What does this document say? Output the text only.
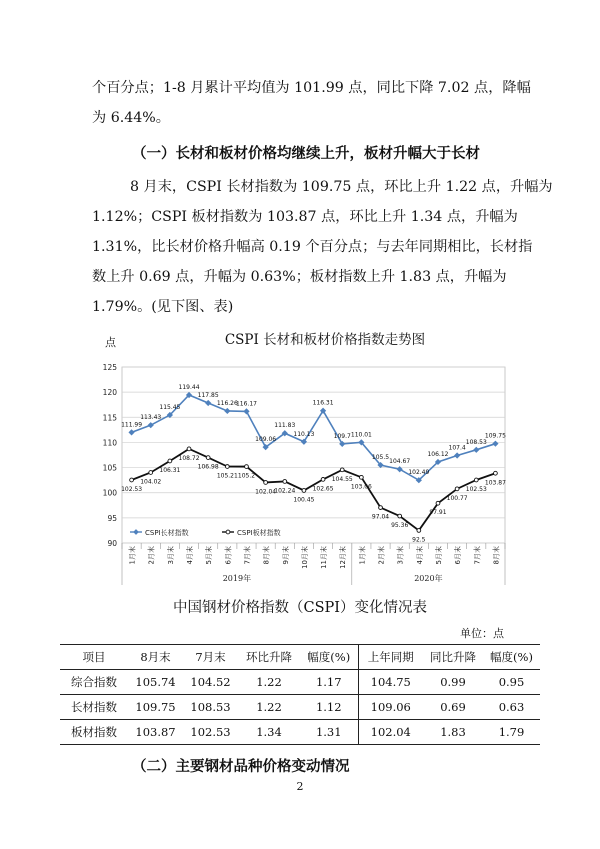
个百分点；1-8 月累计平均值为 101.99 点，同比下降 7.02 点，降幅
为 6.44%。
（一）长材和板材价格均继续上升，板材升幅大于长材
8 月末，CSPI 长材指数为 109.75 点，环比上升 1.22 点，升幅为
1.12%；CSPI 板材指数为 103.87 点，环比上升 1.34 点，升幅为
1.31%，比长材价格升幅高 0.19 个百分点；与去年同期相比，长材指
数上升 0.69 点，升幅为 0.63%；板材指数上升 1.83 点，升幅为
1.79%。(见下图、表)
CSPI 长材和板材价格指数走势图
点
90
95
100
105
110
115
120
125
1月末 2月末 3月末 4月末 5月末 6月末 7月末 8月末 9月末 10月末 11月末 12月末 1月末 2月末 3月末 4月末 5月末 6月末 7月末 8月末
2019年	2020年
111.99
113.43
115.45
119.44
117.85
116.26
116.17
109.06
111.83
110.13
116.31
109.7 110.01
105.5
104.67
102.49
106.12
107.4
108.53
109.75
102.53
104.02
106.31
108.72
106.98
105.21 105.2
102.04
102.24
100.45
102.65
104.55
103.06
97.04
95.36
92.5
97.91
100.77
102.53
103.87
CSPI长材指数	CSPI板材指数
中国钢材价格指数（CSPI）变化情况表
单位：点
项目	8月末	7月末	环比升降	幅度(%)	上年同期	同比升降	幅度(%)
综合指数	105.74	104.52	1.22	1.17	104.75	0.99	0.95
长材指数	109.75	108.53	1.22	1.12	109.06	0.69	0.63
板材指数	103.87	102.53	1.34	1.31	102.04	1.83	1.79
（二）主要钢材品种价格变动情况
2
